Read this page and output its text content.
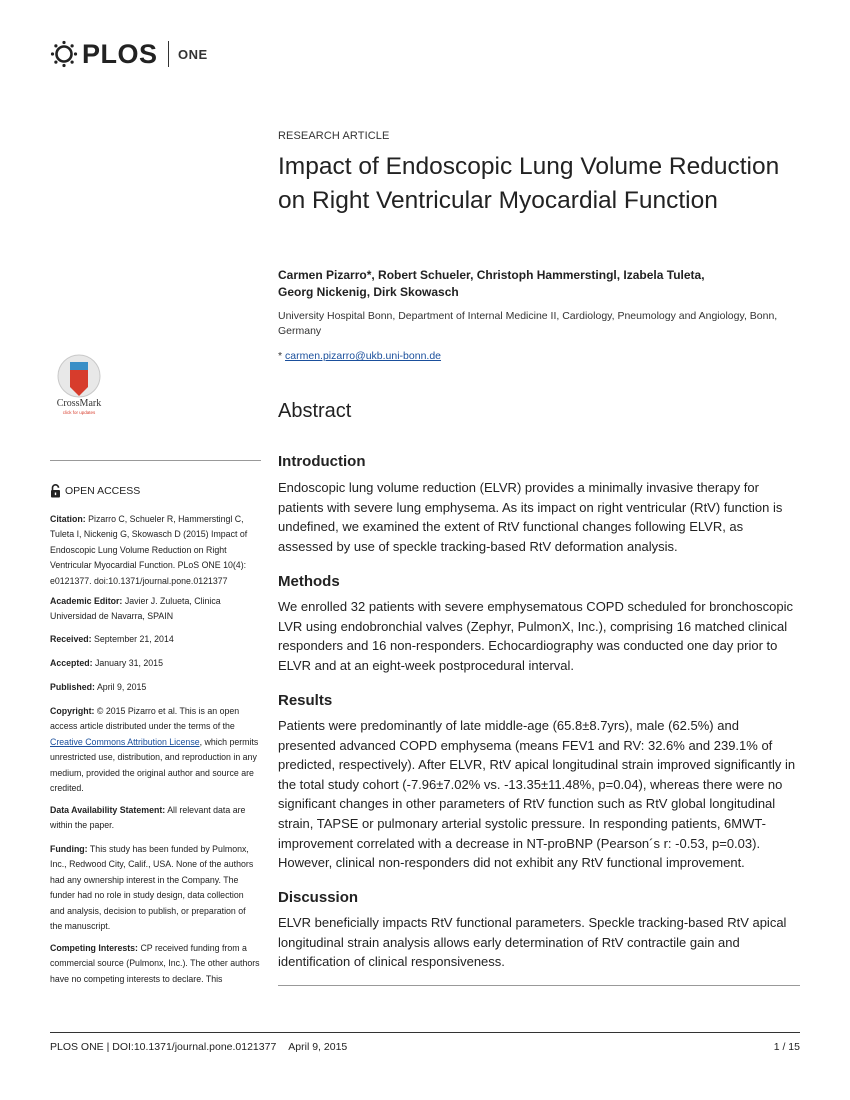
PLOS ONE
RESEARCH ARTICLE
Impact of Endoscopic Lung Volume Reduction on Right Ventricular Myocardial Function
Carmen Pizarro*, Robert Schueler, Christoph Hammerstingl, Izabela Tuleta,
Georg Nickenig, Dirk Skowasch
University Hospital Bonn, Department of Internal Medicine II, Cardiology, Pneumology and Angiology, Bonn, Germany
* carmen.pizarro@ukb.uni-bonn.de
Abstract
Introduction

Endoscopic lung volume reduction (ELVR) provides a minimally invasive therapy for patients with severe lung emphysema. As its impact on right ventricular (RtV) function is undefined, we examined the extent of RtV functional changes following ELVR, as assessed by use of speckle tracking-based RtV deformation analysis.

Methods

We enrolled 32 patients with severe emphysematous COPD scheduled for bronchoscopic LVR using endobronchial valves (Zephyr, PulmonX, Inc.), comprising 16 matched clinical responders and 16 non-responders. Echocardiography was conducted one day prior to ELVR and at an eight-week postprocedural interval.

Results

Patients were predominantly of late middle-age (65.8±8.7yrs), male (62.5%) and presented advanced COPD emphysema (means FEV1 and RV: 32.6% and 239.1% of predicted, respectively). After ELVR, RtV apical longitudinal strain improved significantly in the total study cohort (-7.96±7.02% vs. -13.35±11.48%, p=0.04), whereas there were no significant changes in other parameters of RtV function such as RtV global longitudinal strain, TAPSE or pulmonary arterial systolic pressure. In responding patients, 6MWT-improvement correlated with a decrease in NT-proBNP (Pearson´s r: -0.53, p=0.03). However, clinical non-responders did not exhibit any RtV functional improvement.

Discussion

ELVR beneficially impacts RtV functional parameters. Speckle tracking-based RtV apical longitudinal strain analysis allows early determination of RtV contractile gain and identification of clinical responsiveness.

CrossMark
click for updates
OPEN ACCESS
Citation: Pizarro C, Schueler R, Hammerstingl C, Tuleta I, Nickenig G, Skowasch D (2015) Impact of Endoscopic Lung Volume Reduction on Right Ventricular Myocardial Function. PLoS ONE 10(4): e0121377. doi:10.1371/journal.pone.0121377
Academic Editor: Javier J. Zulueta, Clinica Universidad de Navarra, SPAIN
Received: September 21, 2014
Accepted: January 31, 2015
Published: April 9, 2015
Copyright: © 2015 Pizarro et al. This is an open access article distributed under the terms of the Creative Commons Attribution License, which permits unrestricted use, distribution, and reproduction in any medium, provided the original author and source are credited.
Data Availability Statement: All relevant data are within the paper.
Funding: This study has been funded by Pulmonx, Inc., Redwood City, Calif., USA. None of the authors had any ownership interest in the Company. The funder had no role in study design, data collection and analysis, decision to publish, or preparation of the manuscript.
Competing Interests: CP received funding from a commercial source (Pulmonx, Inc.). The other authors have no competing interests to declare. This
PLOS ONE | DOI:10.1371/journal.pone.0121377 April 9, 2015	1 / 15
